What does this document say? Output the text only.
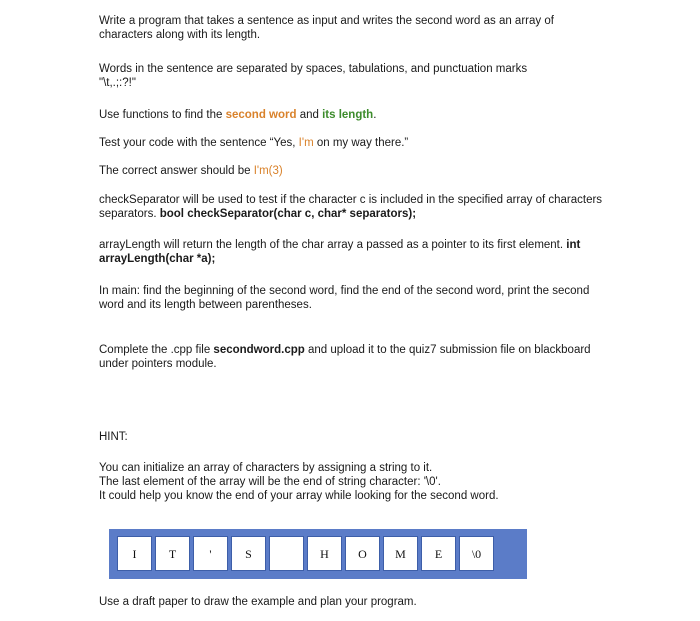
Write a program that takes a sentence as input and writes the second word as an array of characters along with its length.

Words in the sentence are separated by spaces, tabulations, and punctuation marks
"\t,.;:?!"

Use functions to find the second word and its length.

Test your code with the sentence “Yes, I'm on my way there.”

The correct answer should be I'm(3)

checkSeparator will be used to test if the character c is included in the specified array of characters separators. bool checkSeparator(char c, char* separators);

arrayLength will return the length of the char array a passed as a pointer to its first element. int arrayLength(char *a);

In main: find the beginning of the second word, find the end of the second word, print the second word and its length between parentheses.

Complete the .cpp file secondword.cpp and upload it to the quiz7 submission file on blackboard under pointers module.

HINT:

You can initialize an array of characters by assigning a string to it.
The last element of the array will be the end of string character: '\0'.
It could help you know the end of your array while looking for the second word.

I	T	'	S	H	O	M	E	\0

Use a draft paper to draw the example and plan your program.
